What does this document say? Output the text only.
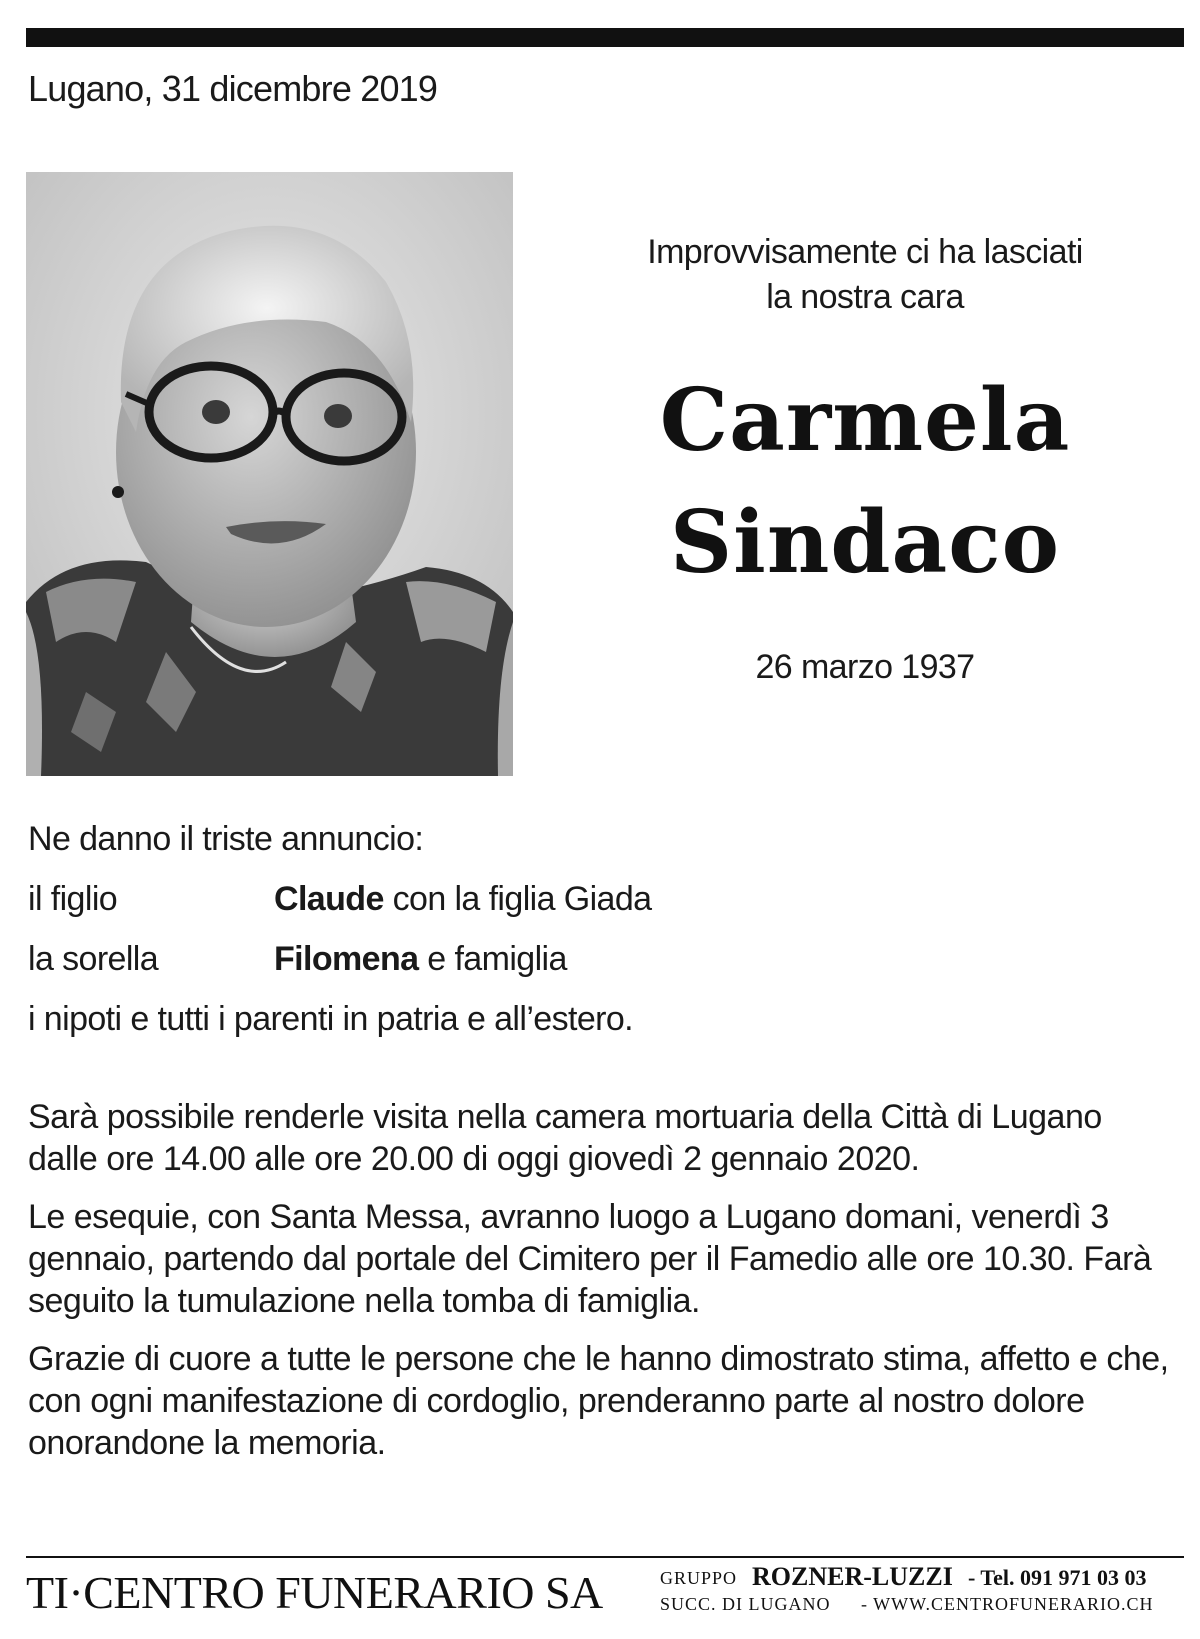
Lugano, 31 dicembre 2019
Improvvisamente ci ha lasciati
la nostra cara
Carmela
Sindaco
26 marzo 1937
Ne danno il triste annuncio:
il figlio	Claude con la figlia Giada
la sorella	Filomena e famiglia
i nipoti e tutti i parenti in patria e all’estero.
Sarà possibile renderle visita nella camera mortuaria della Città di Lugano dalle ore 14.00 alle ore 20.00 di oggi giovedì 2 gennaio 2020.
Le esequie, con Santa Messa, avranno luogo a Lugano domani, venerdì 3 gennaio, partendo dal portale del Cimitero per il Famedio alle ore 10.30. Farà seguito la tumulazione nella tomba di famiglia.
Grazie di cuore a tutte le persone che le hanno dimostrato stima, affetto e che, con ogni manifestazione di cordoglio, prenderanno parte al nostro dolore onorandone la memoria.
TI·CENTRO FUNERARIO SA	GRUPPO ROZNER-LUZZI - Tel. 091 971 03 03
SUCC. DI LUGANO - WWW.CENTROFUNERARIO.CH
